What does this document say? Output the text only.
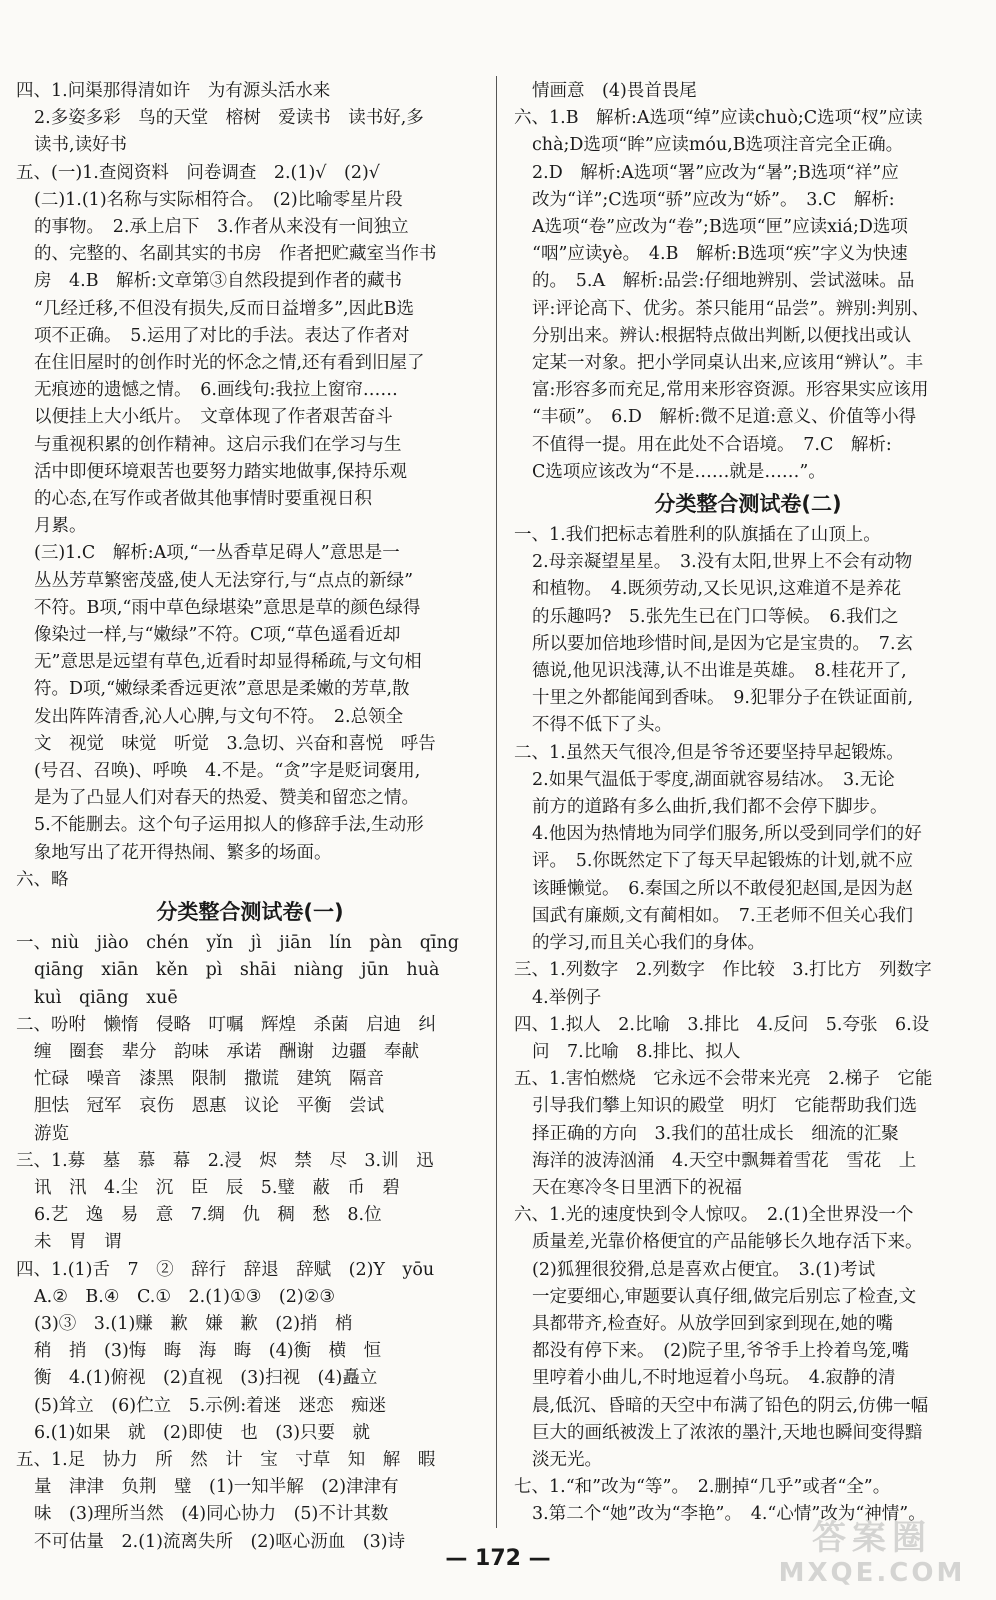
四、1.问渠那得清如许　为有源头活水来
2.多姿多彩　鸟的天堂　榕树　爱读书　读书好,多
读书,读好书
五、(一)1.查阅资料　问卷调查　2.(1)√　(2)√
(二)1.(1)名称与实际相符合。　(2)比喻零星片段
的事物。　2.承上启下　3.作者从来没有一间独立
的、完整的、名副其实的书房　作者把贮藏室当作书
房　4.B　解析:文章第③自然段提到作者的藏书
“几经迁移,不但没有损失,反而日益增多”,因此B选
项不正确。　5.运用了对比的手法。表达了作者对
在住旧屋时的创作时光的怀念之情,还有看到旧屋了
无痕迹的遗憾之情。　6.画线句:我拉上窗帘……
以便挂上大小纸片。　文章体现了作者艰苦奋斗
与重视积累的创作精神。这启示我们在学习与生
活中即便环境艰苦也要努力踏实地做事,保持乐观
的心态,在写作或者做其他事情时要重视日积
月累。
(三)1.C　解析:A项,“一丛香草足碍人”意思是一
丛丛芳草繁密茂盛,使人无法穿行,与“点点的新绿”
不符。B项,“雨中草色绿堪染”意思是草的颜色绿得
像染过一样,与“嫩绿”不符。C项,“草色遥看近却
无”意思是远望有草色,近看时却显得稀疏,与文句相
符。D项,“嫩绿柔香远更浓”意思是柔嫩的芳草,散
发出阵阵清香,沁人心脾,与文句不符。　2.总领全
文　视觉　味觉　听觉　3.急切、兴奋和喜悦　呼告
(号召、召唤)、呼唤　4.不是。“贪”字是贬词褒用,
是为了凸显人们对春天的热爱、赞美和留恋之情。
5.不能删去。这个句子运用拟人的修辞手法,生动形
象地写出了花开得热闹、繁多的场面。
六、略
分类整合测试卷(一)
一、niù　jiào　chén　yǐn　jì　jiān　lín　pàn　qīng
qiāng　xiān　kěn　pì　shāi　niàng　jūn　huà
kuì　qiāng　xuē
二、吩咐　懒惰　侵略　叮嘱　辉煌　杀菌　启迪　纠
缠　圈套　辈分　韵味　承诺　酬谢　边疆　奉献
忙碌　噪音　漆黑　限制　撒谎　建筑　隔音
胆怯　冠军　哀伤　恩惠　议论　平衡　尝试
游览
三、1.募　墓　慕　幕　2.浸　烬　禁　尽　3.训　迅
讯　汛　4.尘　沉　臣　辰　5.璧　蔽　币　碧
6.艺　逸　易　意　7.绸　仇　稠　愁　8.位
未　胃　谓
四、1.(1)舌　7　②　辞行　辞退　辞赋　(2)Y　yōu
A.②　B.④　C.①　2.(1)①③　(2)②③
(3)③　3.(1)赚　歉　嫌　歉　(2)捎　梢
稍　捎　(3)悔　晦　海　晦　(4)衡　横　恒
衡　4.(1)俯视　(2)直视　(3)扫视　(4)矗立
(5)耸立　(6)伫立　5.示例:着迷　迷恋　痴迷
6.(1)如果　就　(2)即使　也　(3)只要　就
五、1.足　协力　所　然　计　宝　寸草　知　解　暇
量　津津　负荆　璧　(1)一知半解　(2)津津有
味　(3)理所当然　(4)同心协力　(5)不计其数
不可估量　2.(1)流离失所　(2)呕心沥血　(3)诗
情画意　(4)畏首畏尾
六、1.B　解析:A选项“绰”应读chuò;C选项“杈”应读
chà;D选项“眸”应读móu,B选项注音完全正确。
2.D　解析:A选项“署”应改为“暑”;B选项“祥”应
改为“详”;C选项“骄”应改为“娇”。　3.C　解析:
A选项“卷”应改为“卷”;B选项“匣”应读xiá;D选项
“咽”应读yè。　4.B　解析:B选项“疾”字义为快速
的。　5.A　解析:品尝:仔细地辨别、尝试滋味。品
评:评论高下、优劣。茶只能用“品尝”。辨别:判别、
分别出来。辨认:根据特点做出判断,以便找出或认
定某一对象。把小学同桌认出来,应该用“辨认”。丰
富:形容多而充足,常用来形容资源。形容果实应该用
“丰硕”。　6.D　解析:微不足道:意义、价值等小得
不值得一提。用在此处不合语境。　7.C　解析:
C选项应该改为“不是……就是……”。
分类整合测试卷(二)
一、1.我们把标志着胜利的队旗插在了山顶上。
2.母亲凝望星星。　3.没有太阳,世界上不会有动物
和植物。　4.既须劳动,又长见识,这难道不是养花
的乐趣吗?　5.张先生已在门口等候。　6.我们之
所以要加倍地珍惜时间,是因为它是宝贵的。　7.玄
德说,他见识浅薄,认不出谁是英雄。　8.桂花开了,
十里之外都能闻到香味。　9.犯罪分子在铁证面前,
不得不低下了头。
二、1.虽然天气很冷,但是爷爷还要坚持早起锻炼。
2.如果气温低于零度,湖面就容易结冰。　3.无论
前方的道路有多么曲折,我们都不会停下脚步。
4.他因为热情地为同学们服务,所以受到同学们的好
评。　5.你既然定下了每天早起锻炼的计划,就不应
该睡懒觉。　6.秦国之所以不敢侵犯赵国,是因为赵
国武有廉颇,文有蔺相如。　7.王老师不但关心我们
的学习,而且关心我们的身体。
三、1.列数字　2.列数字　作比较　3.打比方　列数字
4.举例子
四、1.拟人　2.比喻　3.排比　4.反问　5.夸张　6.设
问　7.比喻　8.排比、拟人
五、1.害怕燃烧　它永远不会带来光亮　2.梯子　它能
引导我们攀上知识的殿堂　明灯　它能帮助我们选
择正确的方向　3.我们的茁壮成长　细流的汇聚
海洋的波涛汹涌　4.天空中飘舞着雪花　雪花　上
天在寒冷冬日里洒下的祝福
六、1.光的速度快到令人惊叹。　2.(1)全世界没一个
质量差,光靠价格便宜的产品能够长久地存活下来。
(2)狐狸很狡猾,总是喜欢占便宜。　3.(1)考试
一定要细心,审题要认真仔细,做完后别忘了检查,文
具都带齐,检查好。从放学回到家到现在,她的嘴
都没有停下来。　(2)院子里,爷爷手上拎着鸟笼,嘴
里哼着小曲儿,不时地逗着小鸟玩。　4.寂静的清
晨,低沉、昏暗的天空中布满了铅色的阴云,仿佛一幅
巨大的画纸被泼上了浓浓的墨汁,天地也瞬间变得黯
淡无光。
七、1.“和”改为“等”。　2.删掉“几乎”或者“全”。
3.第二个“她”改为“李艳”。　4.“心情”改为“神情”。
— 172 —
答案圈
MXQE.COM
